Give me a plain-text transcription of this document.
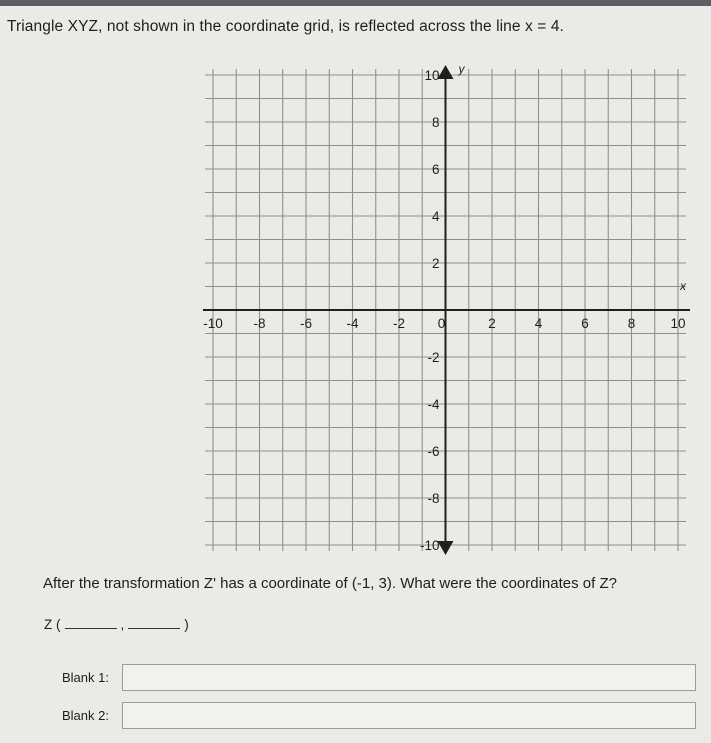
Triangle XYZ, not shown in the coordinate grid, is reflected across the line x = 4.
-10 -8	-6	-4	-2 0	2	4	6	8	10
10
8
6
4
2
-2
-4
-6
-8
-10
x
y
After the transformation Z' has a coordinate of (-1, 3). What were the coordinates of Z?
Z (	,	)
Blank 1:
Blank 2:
